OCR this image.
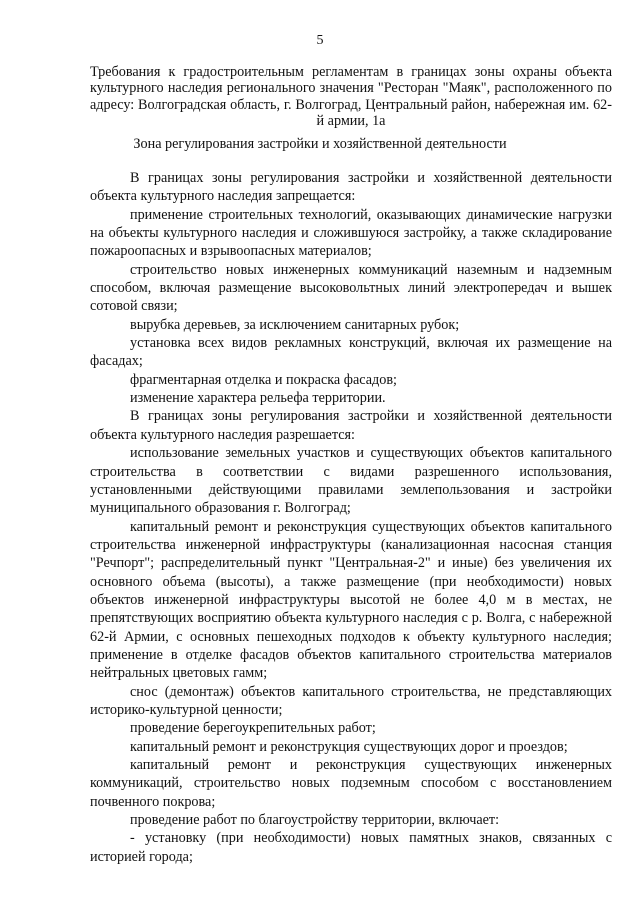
5
Требования к градостроительным регламентам в границах зоны охраны объекта культурного наследия регионального значения "Ресторан "Маяк", расположенного по адресу: Волгоградская область, г. Волгоград, Центральный район, набережная им. 62-й армии, 1а
Зона регулирования застройки и хозяйственной деятельности

В границах зоны регулирования застройки и хозяйственной деятельности объекта культурного наследия запрещается:

применение строительных технологий, оказывающих динамические нагрузки на объекты культурного наследия и сложившуюся застройку, а также складирование пожароопасных и взрывоопасных материалов;

строительство новых инженерных коммуникаций наземным и надземным способом, включая размещение высоковольтных линий электропередач и вышек сотовой связи;

вырубка деревьев, за исключением санитарных рубок;

установка всех видов рекламных конструкций, включая их размещение на фасадах;

фрагментарная отделка и покраска фасадов;

изменение характера рельефа территории.

В границах зоны регулирования застройки и хозяйственной деятельности объекта культурного наследия разрешается:

использование земельных участков и существующих объектов капитального строительства в соответствии с видами разрешенного использования, установленными действующими правилами землепользования и застройки муниципального образования г. Волгоград;

капитальный ремонт и реконструкция существующих объектов капитального строительства инженерной инфраструктуры (канализационная насосная станция "Речпорт"; распределительный пункт "Центральная-2" и иные) без увеличения их основного объема (высоты), а также размещение (при необходимости) новых объектов инженерной инфраструктуры высотой не более 4,0 м в местах, не препятствующих восприятию объекта культурного наследия с р. Волга, с набережной 62-й Армии, с основных пешеходных подходов к объекту культурного наследия; применение в отделке фасадов объектов капитального строительства материалов нейтральных цветовых гамм;

снос (демонтаж) объектов капитального строительства, не представляющих историко-культурной ценности;

проведение берегоукрепительных работ;

капитальный ремонт и реконструкция существующих дорог и проездов;

капитальный ремонт и реконструкция существующих инженерных коммуникаций, строительство новых подземным способом с восстановлением почвенного покрова;

проведение работ по благоустройству территории, включает:

- установку (при необходимости) новых памятных знаков, связанных с историей города;
